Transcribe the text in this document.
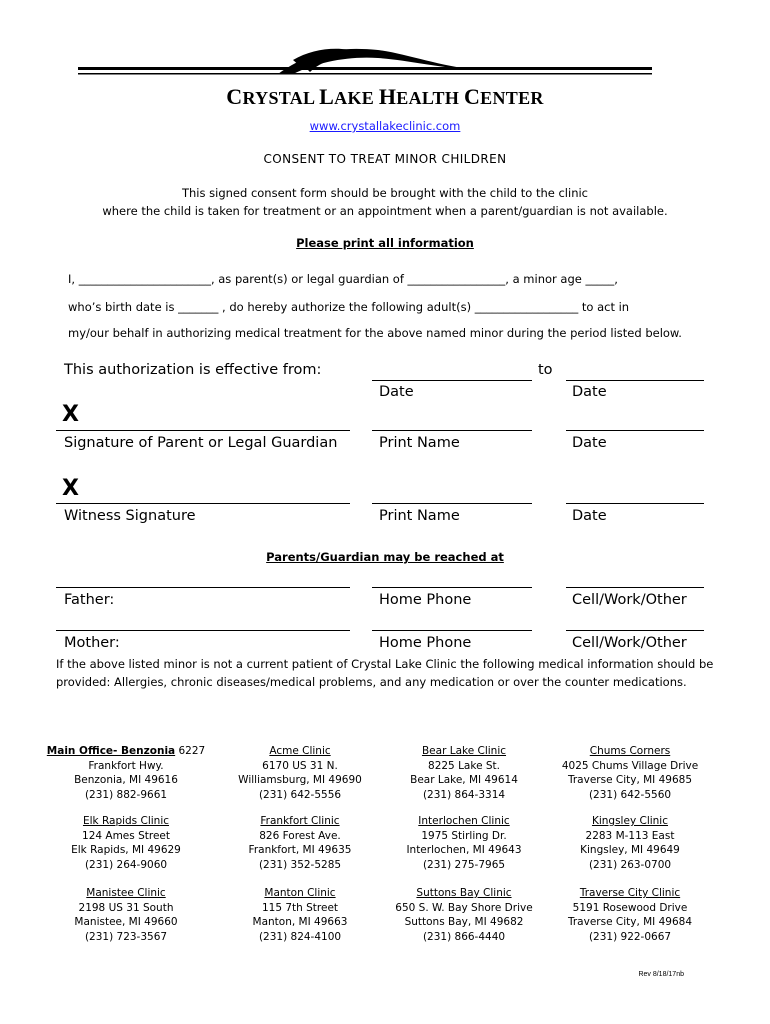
CRYSTAL LAKE HEALTH CENTER
www.crystallakeclinic.com
CONSENT TO TREAT MINOR CHILDREN
This signed consent form should be brought with the child to the clinic
where the child is taken for treatment or an appointment when a parent/guardian is not available.
Please print all information
I, _______________________, as parent(s) or legal guardian of _________________, a minor age _____,
who’s birth date is _______ , do hereby authorize the following adult(s) __________________ to act in
my/our behalf in authorizing medical treatment for the above named minor during the period listed below.
This authorization is effective from:	to
Date	Date
X
Signature of Parent or Legal Guardian	Print Name	Date
X
Witness Signature	Print Name	Date
Parents/Guardian may be reached at
Father:	Home Phone	Cell/Work/Other
Mother:	Home Phone	Cell/Work/Other
If the above listed minor is not a current patient of Crystal Lake Clinic the following medical information should be provided: Allergies, chronic diseases/medical problems, and any medication or over the counter medications.
Main Office- Benzonia 6227
Frankfort Hwy.
Benzonia, MI 49616
(231) 882-9661
Acme Clinic
6170 US 31 N.
Williamsburg, MI 49690
(231) 642-5556
Bear Lake Clinic
8225 Lake St.
Bear Lake, MI 49614
(231) 864-3314
Chums Corners
4025 Chums Village Drive
Traverse City, MI 49685
(231) 642-5560
Elk Rapids Clinic
124 Ames Street
Elk Rapids, MI 49629
(231) 264-9060
Frankfort Clinic
826 Forest Ave.
Frankfort, MI 49635
(231) 352-5285
Interlochen Clinic
1975 Stirling Dr.
Interlochen, MI 49643
(231) 275-7965
Kingsley Clinic
2283 M-113 East
Kingsley, MI 49649
(231) 263-0700
Manistee Clinic
2198 US 31 South
Manistee, MI 49660
(231) 723-3567
Manton Clinic
115 7th Street
Manton, MI 49663
(231) 824-4100
Suttons Bay Clinic
650 S. W. Bay Shore Drive
Suttons Bay, MI 49682
(231) 866-4440
Traverse City Clinic
5191 Rosewood Drive
Traverse City, MI 49684
(231) 922-0667
Rev 8/18/17nb
